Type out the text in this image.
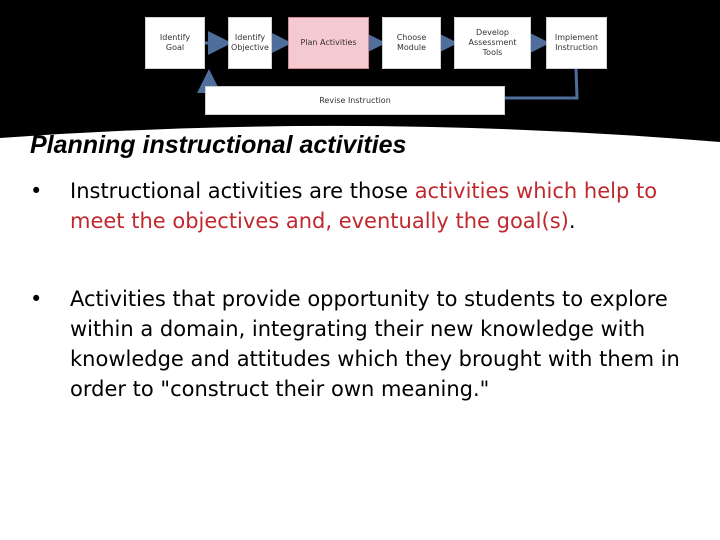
Identify
Goal
Identify
Objective
Plan Activities
Choose
Module
Develop
Assessment
Tools
Implement
Instruction
Revise Instruction
Planning instructional activities
•	Instructional activities are those activities which help to meet the objectives and, eventually the goal(s).
•	Activities that provide opportunity to students to explore within a domain, integrating their new knowledge with knowledge and attitudes which they brought with them in order to "construct their own meaning."
